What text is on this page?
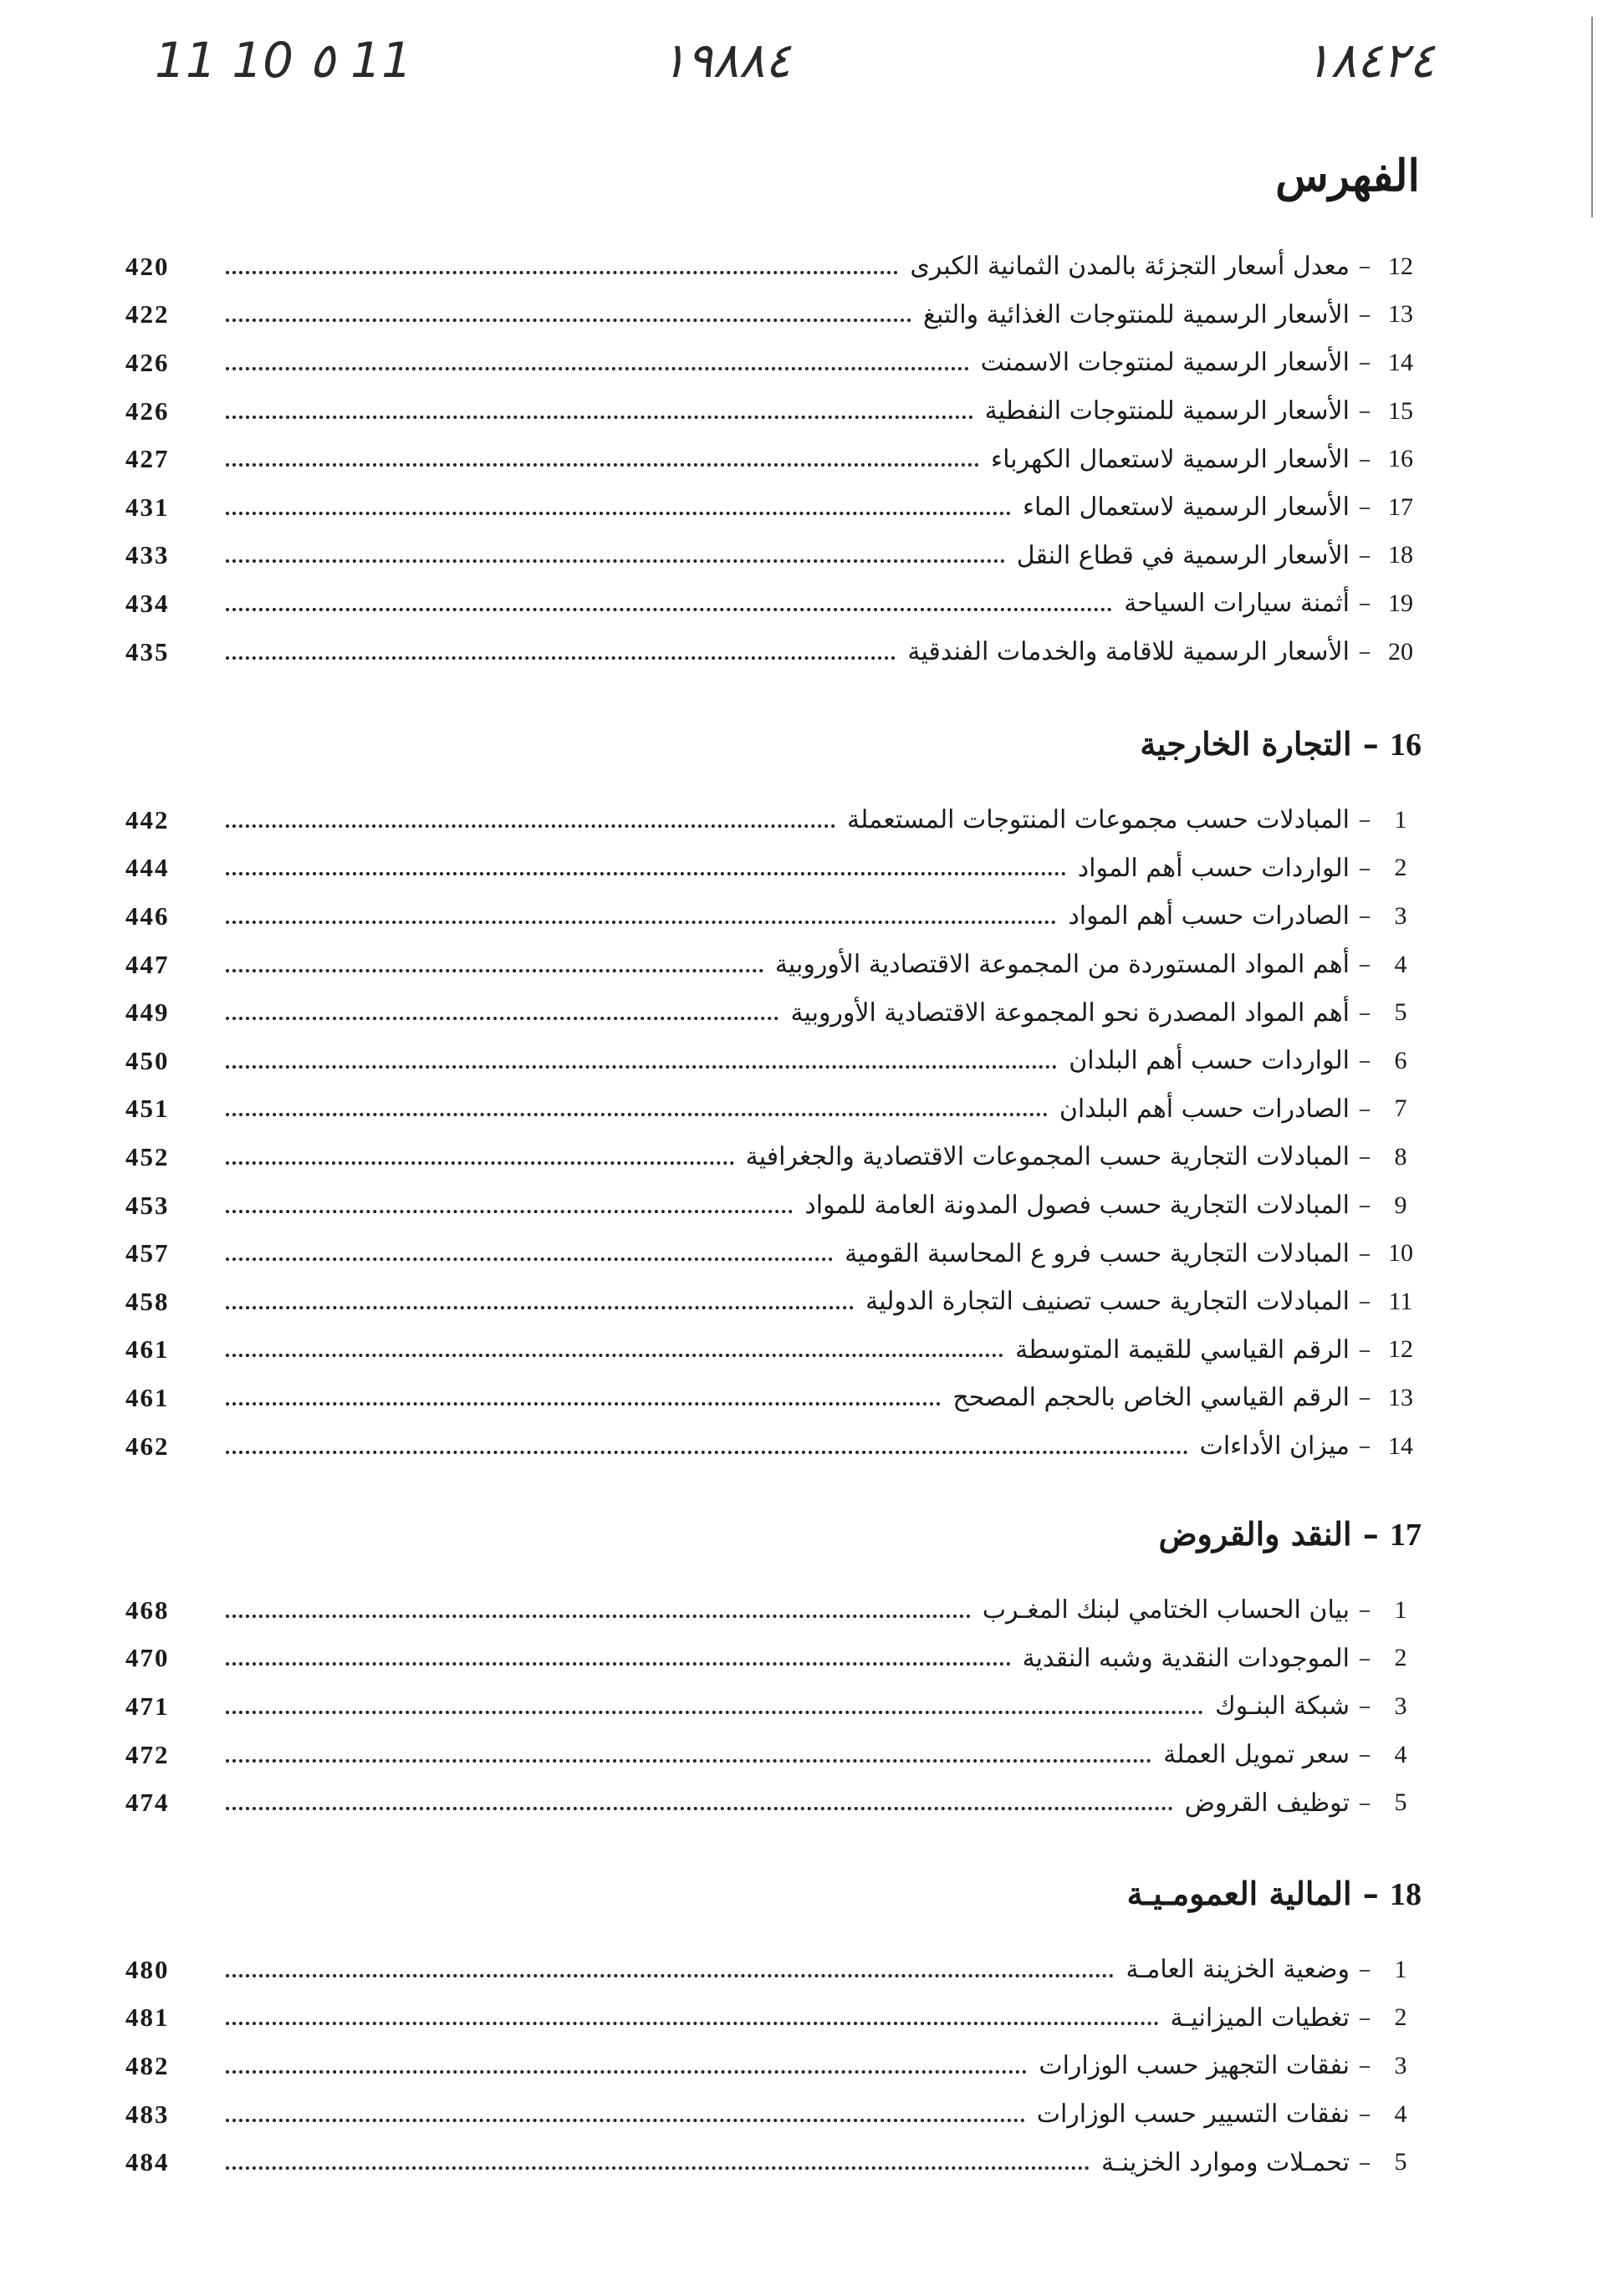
11 10 ٥ 11	١٩٨٨٤	١٨٤٢٤
الفهرس
12
–
معدل أسعار التجزئة بالمدن الثمانية الكبرى
420
13
–
الأسعار الرسمية للمنتوجات الغذائية والتبغ
422
14
–
الأسعار الرسمية لمنتوجات الاسمنت
426
15
–
الأسعار الرسمية للمنتوجات النفطية
426
16
–
الأسعار الرسمية لاستعمال الكهرباء
427
17
–
الأسعار الرسمية لاستعمال الماء
431
18
–
الأسعار الرسمية في قطاع النقل
433
19
–
أثمنة سيارات السياحة
434
20
–
الأسعار الرسمية للاقامة والخدمات الفندقية
435
16 – التجارة الخارجية
1
–
المبادلات حسب مجموعات المنتوجات المستعملة
442
2
–
الواردات حسب أهم المواد
444
3
–
الصادرات حسب أهم المواد
446
4
–
أهم المواد المستوردة من المجموعة الاقتصادية الأوروبية
447
5
–
أهم المواد المصدرة نحو المجموعة الاقتصادية الأوروبية
449
6
–
الواردات حسب أهم البلدان
450
7
–
الصادرات حسب أهم البلدان
451
8
–
المبادلات التجارية حسب المجموعات الاقتصادية والجغرافية
452
9
–
المبادلات التجارية حسب فصول المدونة العامة للمواد
453
10
–
المبادلات التجارية حسب فرو ع المحاسبة القومية
457
11
–
المبادلات التجارية حسب تصنيف التجارة الدولية
458
12
–
الرقم القياسي للقيمة المتوسطة
461
13
–
الرقم القياسي الخاص بالحجم المصحح
461
14
–
ميزان الأداءات
462
17 – النقد والقروض
1
–
بيان الحساب الختامي لبنك المغـرب
468
2
–
الموجودات النقدية وشبه النقدية
470
3
–
شبكة البنـوك
471
4
–
سعر تمويل العملة
472
5
–
توظيف القروض
474
18 – المالية العمومـيـة
1
–
وضعية الخزينة العامـة
480
2
–
تغطيات الميزانيـة
481
3
–
نفقات التجهيز حسب الوزارات
482
4
–
نفقات التسيير حسب الوزارات
483
5
–
تحمـلات وموارد الخزينـة
484
